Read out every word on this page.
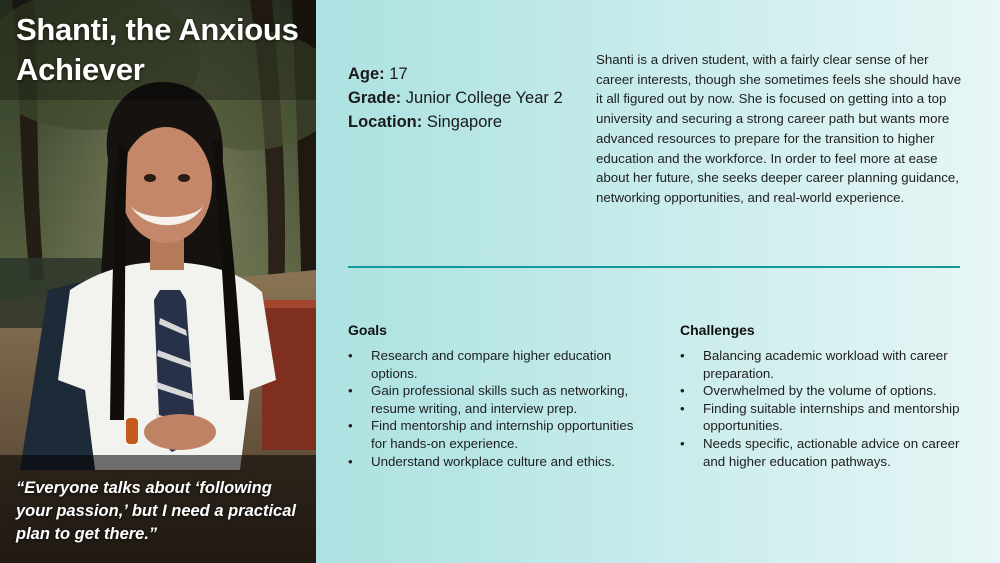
Shanti, the Anxious Achiever

“Everyone talks about ‘following your passion,’ but I need a practical plan to get there.”

Age: 17
Grade: Junior College Year 2
Location: Singapore

Shanti is a driven student, with a fairly clear sense of her career interests, though she sometimes feels she should have it all figured out by now. She is focused on getting into a top university and securing a strong career path but wants more advanced resources to prepare for the transition to higher education and the workforce. In order to feel more at ease about her future, she seeks deeper career planning guidance, networking opportunities, and real-world experience.

Goals
• Research and compare higher education options.
• Gain professional skills such as networking, resume writing, and interview prep.
• Find mentorship and internship opportunities for hands-on experience.
• Understand workplace culture and ethics.
Challenges
• Balancing academic workload with career preparation.
• Overwhelmed by the volume of options.
• Finding suitable internships and mentorship opportunities.
• Needs specific, actionable advice on career and higher education pathways.
